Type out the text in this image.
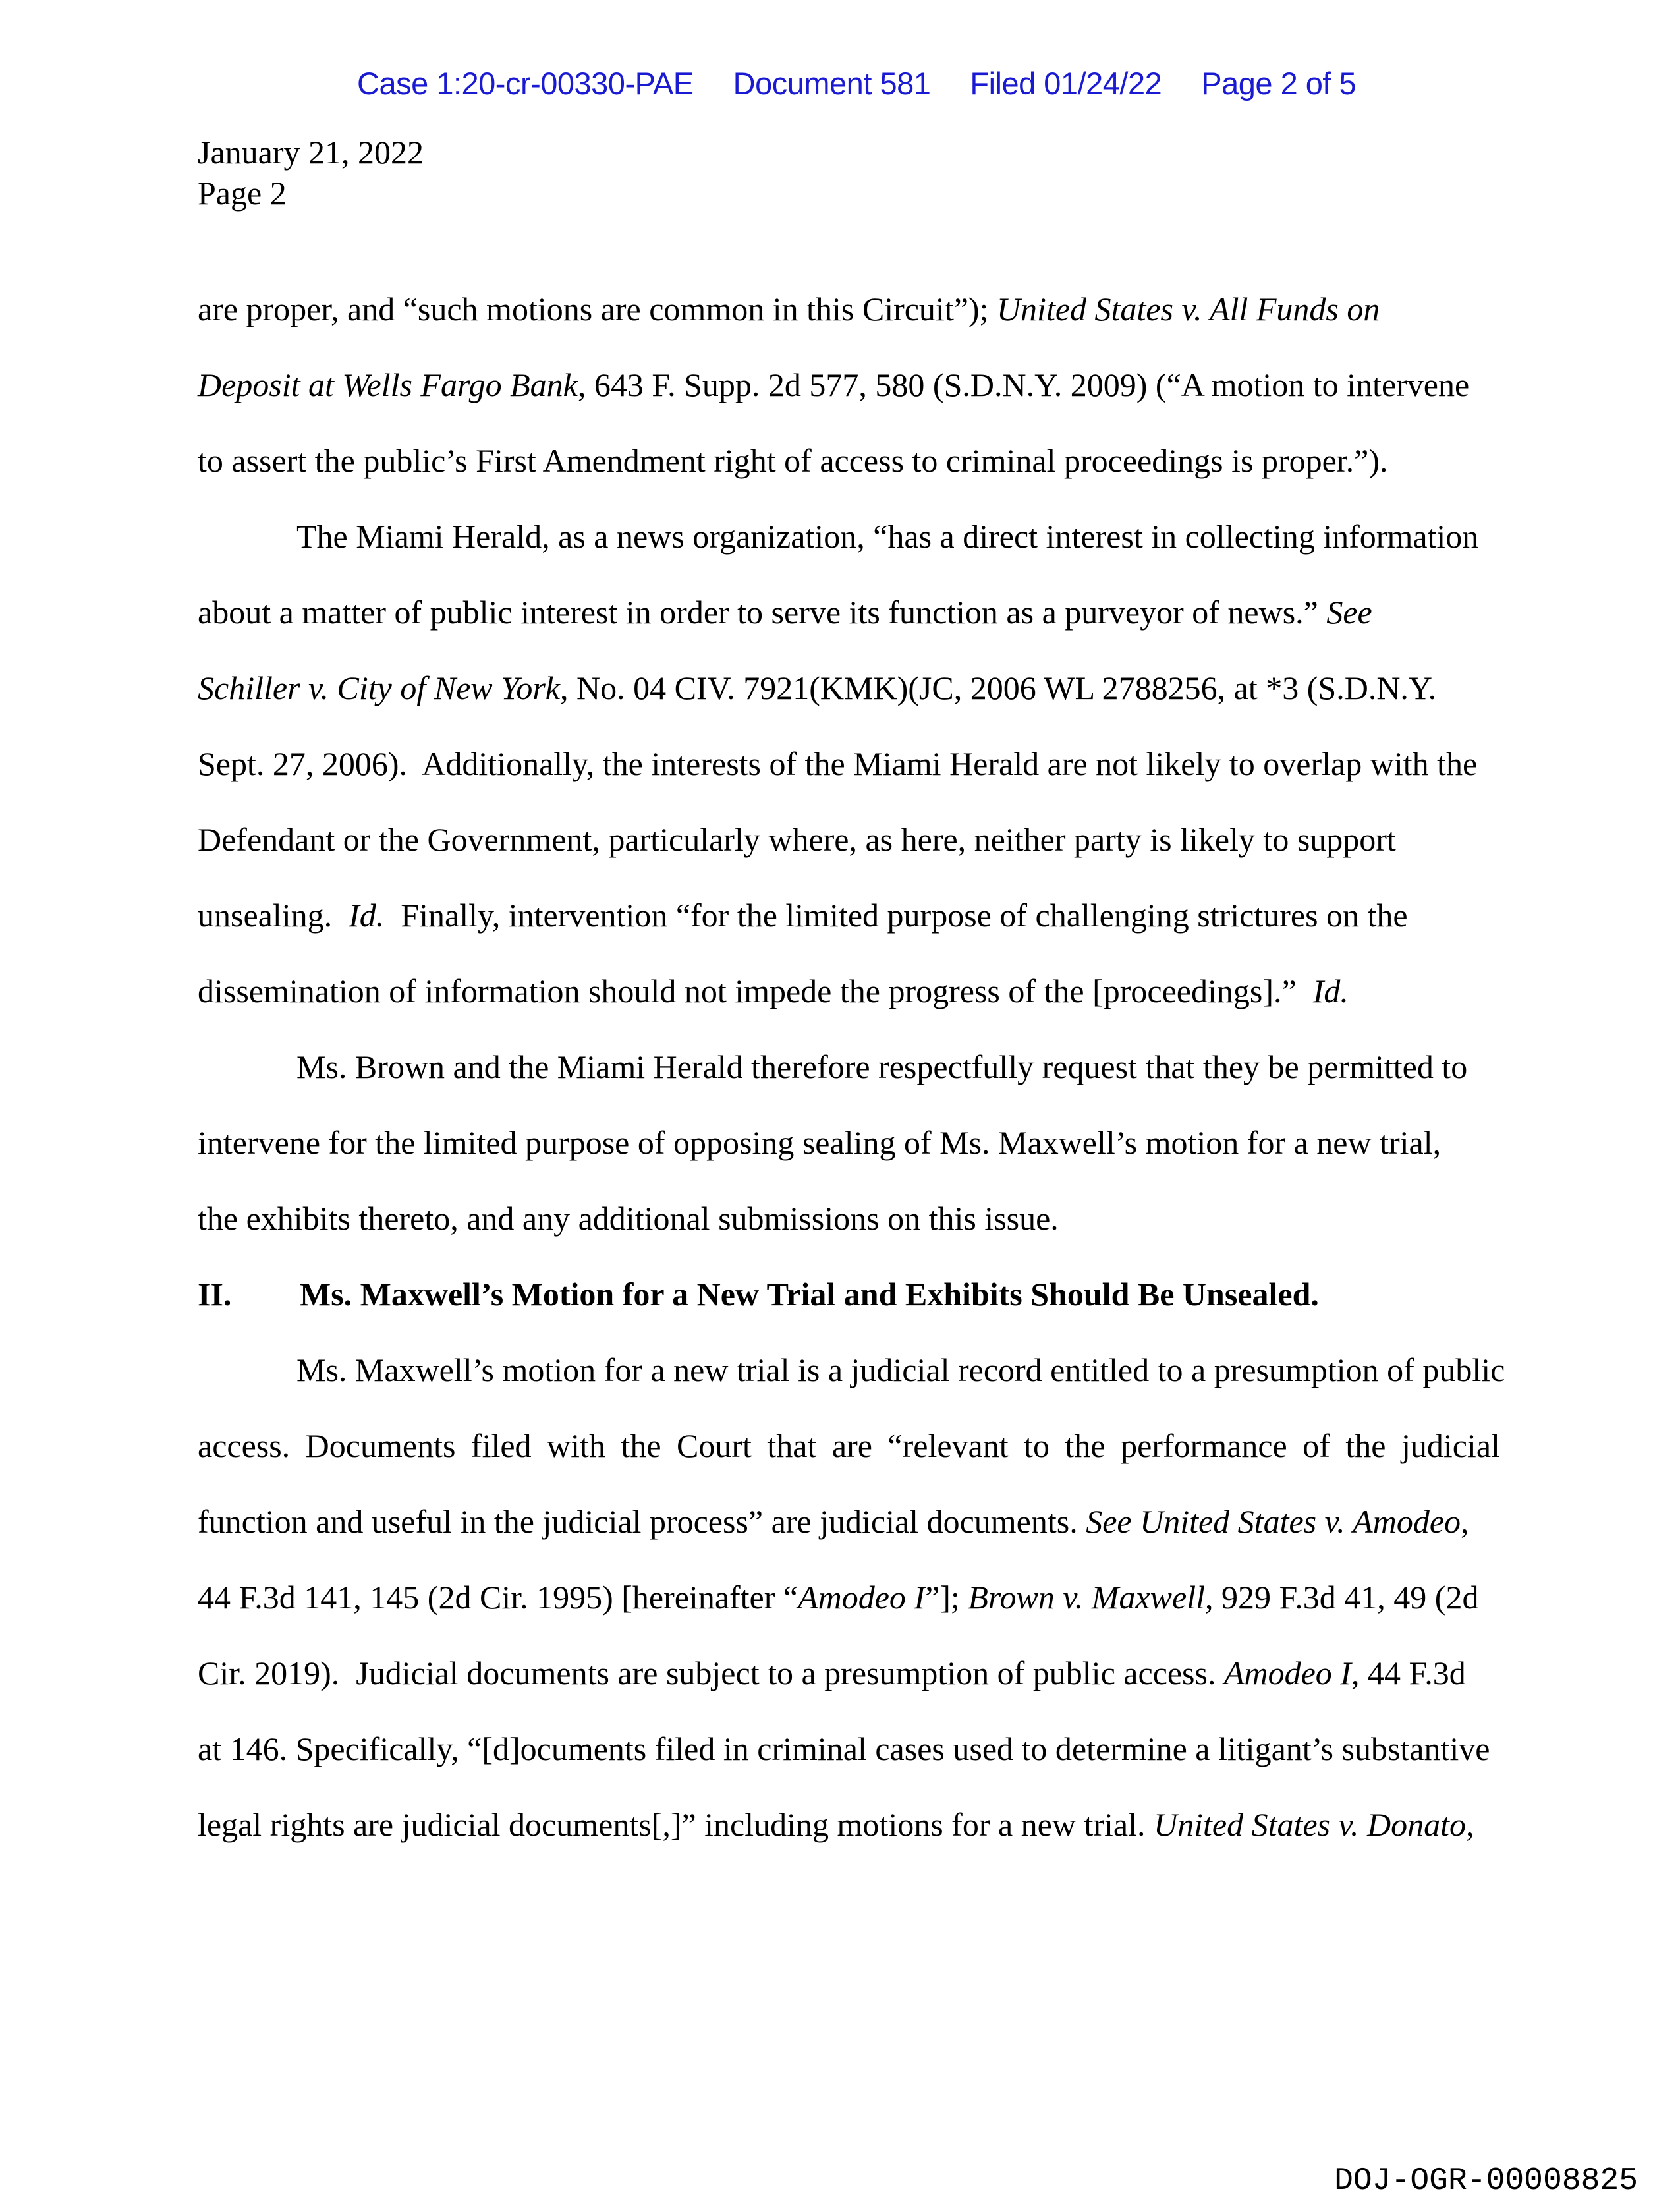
Case 1:20-cr-00330-PAE Document 581 Filed 01/24/22 Page 2 of 5

January 21, 2022
Page 2
are proper, and “such motions are common in this Circuit”); United States v. All Funds on
Deposit at Wells Fargo Bank, 643 F. Supp. 2d 577, 580 (S.D.N.Y. 2009) (“A motion to intervene
to assert the public’s First Amendment right of access to criminal proceedings is proper.”).
The Miami Herald, as a news organization, “has a direct interest in collecting information
about a matter of public interest in order to serve its function as a purveyor of news.” See
Schiller v. City of New York, No. 04 CIV. 7921(KMK)(JC, 2006 WL 2788256, at *3 (S.D.N.Y.
Sept. 27, 2006).  Additionally, the interests of the Miami Herald are not likely to overlap with the
Defendant or the Government, particularly where, as here, neither party is likely to support
unsealing.  Id.  Finally, intervention “for the limited purpose of challenging strictures on the
dissemination of information should not impede the progress of the [proceedings].”  Id.
Ms. Brown and the Miami Herald therefore respectfully request that they be permitted to
intervene for the limited purpose of opposing sealing of Ms. Maxwell’s motion for a new trial,
the exhibits thereto, and any additional submissions on this issue.
II. Ms. Maxwell’s Motion for a New Trial and Exhibits Should Be Unsealed.
Ms. Maxwell’s motion for a new trial is a judicial record entitled to a presumption of public
access. Documents filed with the Court that are “relevant to the performance of the judicial
function and useful in the judicial process” are judicial documents. See United States v. Amodeo,
44 F.3d 141, 145 (2d Cir. 1995) [hereinafter “Amodeo I”]; Brown v. Maxwell, 929 F.3d 41, 49 (2d
Cir. 2019).  Judicial documents are subject to a presumption of public access. Amodeo I, 44 F.3d
at 146. Specifically, “[d]ocuments filed in criminal cases used to determine a litigant’s substantive
legal rights are judicial documents[,]” including motions for a new trial. United States v. Donato,
DOJ-OGR-00008825
